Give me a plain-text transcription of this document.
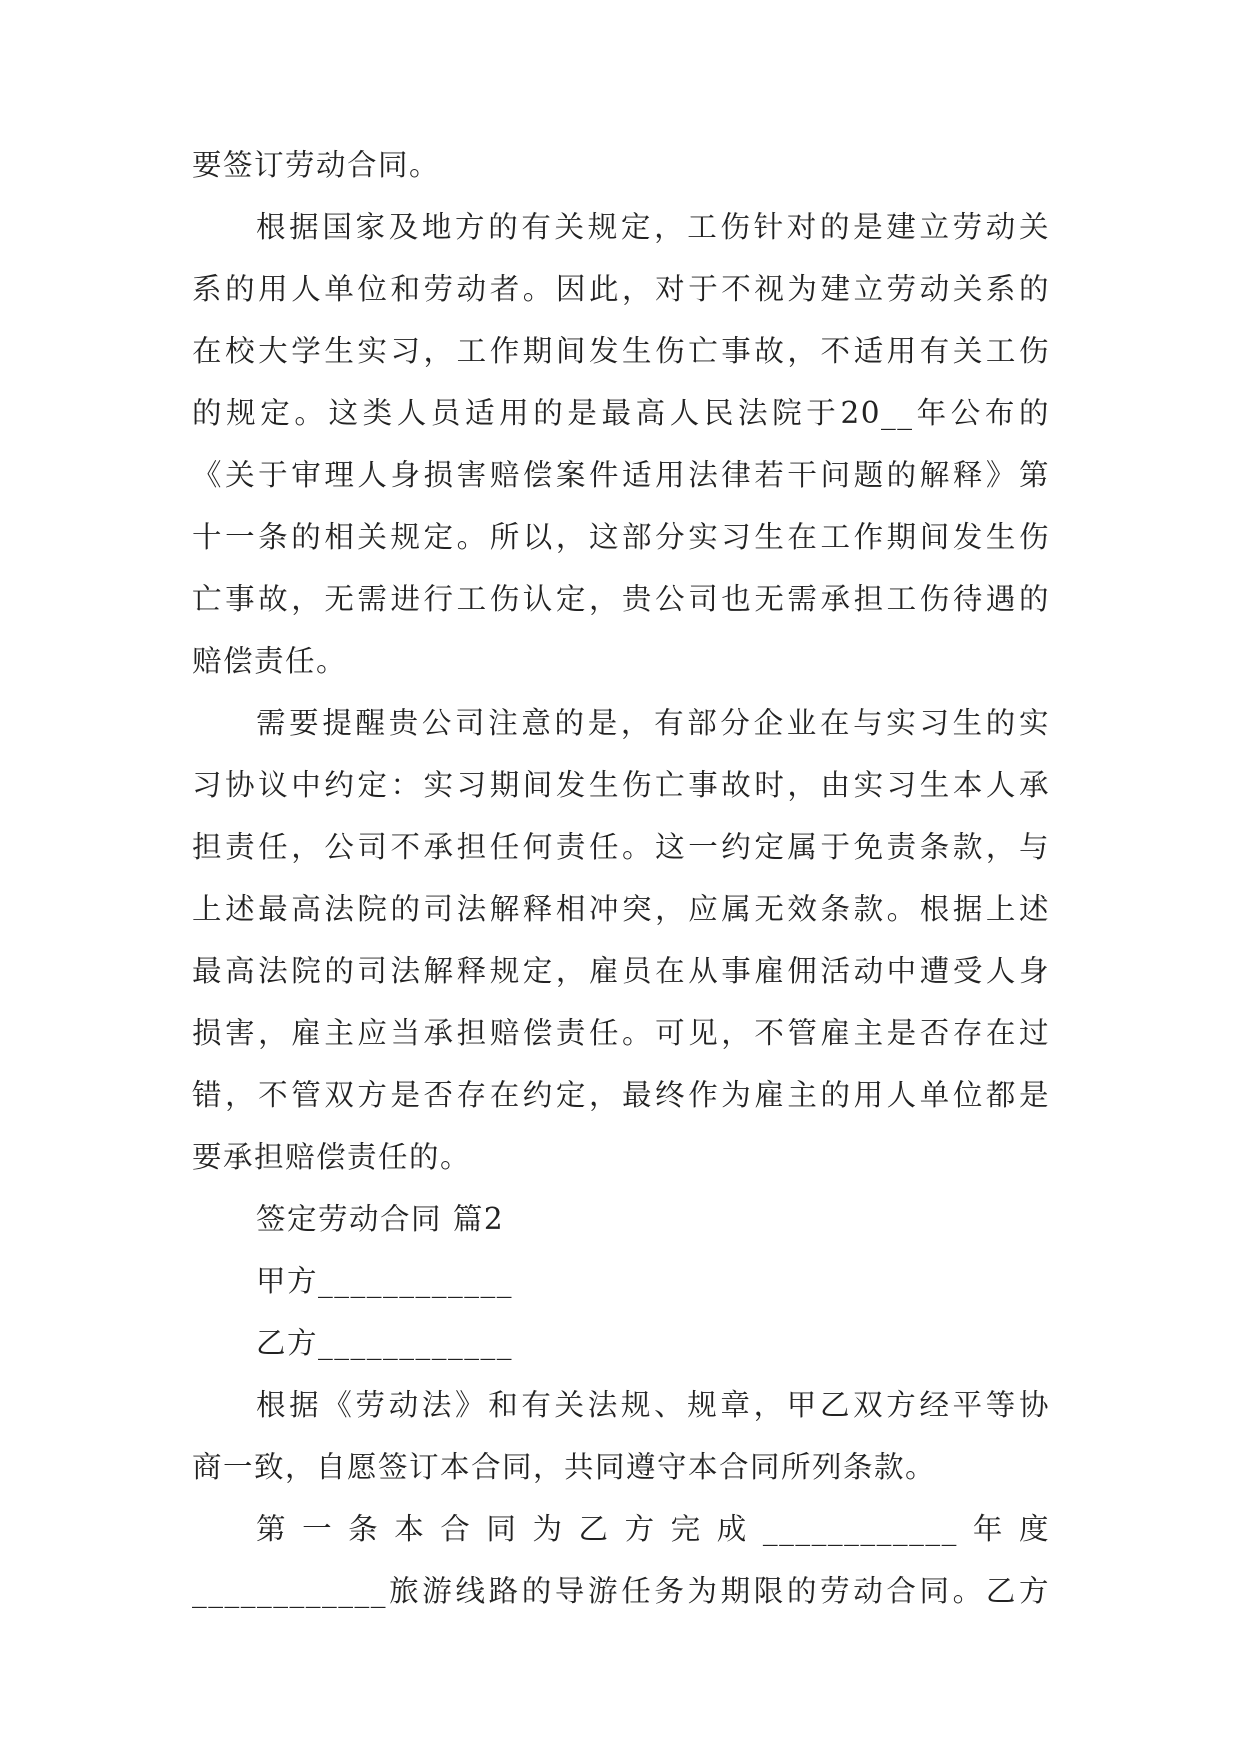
要签订劳动合同。
根据国家及地方的有关规定，工伤针对的是建立劳动关
系的用人单位和劳动者。因此，对于不视为建立劳动关系的
在校大学生实习，工作期间发生伤亡事故，不适用有关工伤
的规定。这类人员适用的是最高人民法院于20__年公布的
《关于审理人身损害赔偿案件适用法律若干问题的解释》第
十一条的相关规定。所以，这部分实习生在工作期间发生伤
亡事故，无需进行工伤认定，贵公司也无需承担工伤待遇的
赔偿责任。
需要提醒贵公司注意的是，有部分企业在与实习生的实
习协议中约定：实习期间发生伤亡事故时，由实习生本人承
担责任，公司不承担任何责任。这一约定属于免责条款，与
上述最高法院的司法解释相冲突，应属无效条款。根据上述
最高法院的司法解释规定，雇员在从事雇佣活动中遭受人身
损害，雇主应当承担赔偿责任。可见，不管雇主是否存在过
错，不管双方是否存在约定，最终作为雇主的用人单位都是
要承担赔偿责任的。
签定劳动合同 篇2
甲方____________
乙方____________
根据《劳动法》和有关法规、规章，甲乙双方经平等协
商一致，自愿签订本合同，共同遵守本合同所列条款。
第一条本合同为乙方完成____________年度
____________旅游线路的导游任务为期限的劳动合同。乙方
